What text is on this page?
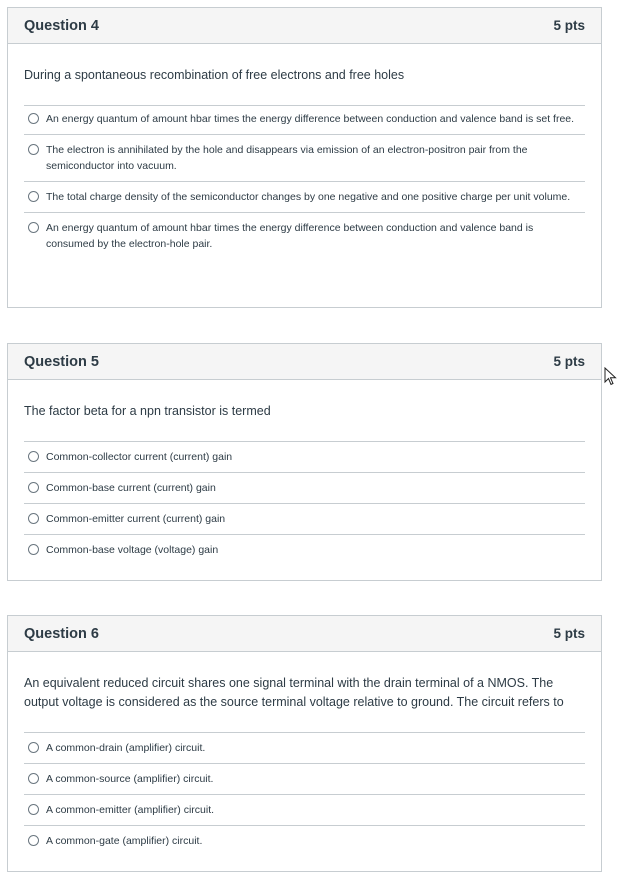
Question 4	5 pts
During a spontaneous recombination of free electrons and free holes
An energy quantum of amount hbar times the energy difference between conduction and valence band is set free.
The electron is annihilated by the hole and disappears via emission of an electron-positron pair from the semiconductor into vacuum.
The total charge density of the semiconductor changes by one negative and one positive charge per unit volume.
An energy quantum of amount hbar times the energy difference between conduction and valence band is consumed by the electron-hole pair.
Question 5	5 pts
The factor beta for a npn transistor is termed
Common-collector current (current) gain
Common-base current (current) gain
Common-emitter current (current) gain
Common-base voltage (voltage) gain
Question 6	5 pts
An equivalent reduced circuit shares one signal terminal with the drain terminal of a NMOS. The output voltage is considered as the source terminal voltage relative to ground. The circuit refers to
A common-drain (amplifier) circuit.
A common-source (amplifier) circuit.
A common-emitter (amplifier) circuit.
A common-gate (amplifier) circuit.
